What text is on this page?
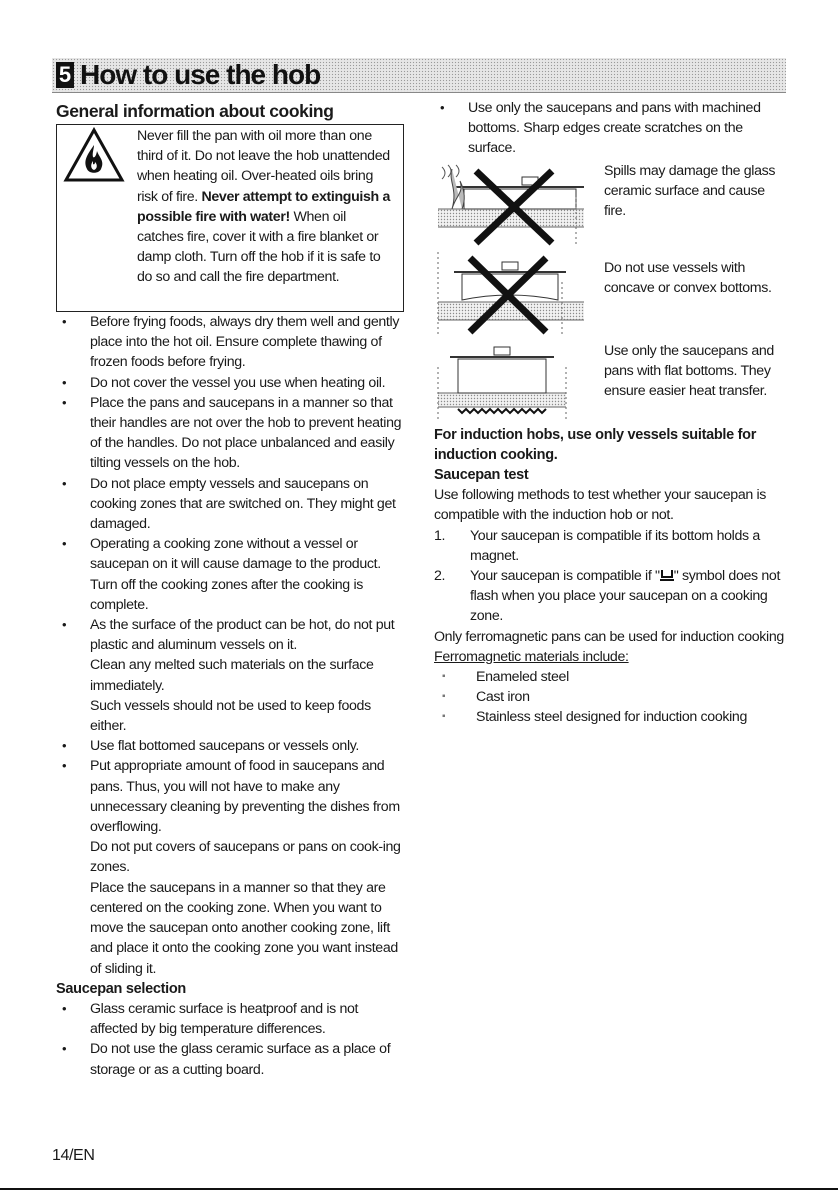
5 How to use the hob

General information about cooking

Never fill the pan with oil more than one third of it. Do not leave the hob unattended when heating oil. Over-heated oils bring risk of fire. Never attempt to extinguish a possible fire with water! When oil catches fire, cover it with a fire blanket or damp cloth. Turn off the hob if it is safe to do so and call the fire department.

• Before frying foods, always dry them well and gently place into the hot oil. Ensure complete thawing of frozen foods before frying.

• Do not cover the vessel you use when heating oil.

• Place the pans and saucepans in a manner so that their handles are not over the hob to prevent heating of the handles. Do not place unbalanced and easily tilting vessels on the hob.

• Do not place empty vessels and saucepans on cooking zones that are switched on. They might get damaged.

• Operating a cooking zone without a vessel or saucepan on it will cause damage to the product. Turn off the cooking zones after the cooking is complete.

• As the surface of the product can be hot, do not put plastic and aluminum vessels on it.

Clean any melted such materials on the surface immediately.

Such vessels should not be used to keep foods either.

• Use flat bottomed saucepans or vessels only.

• Put appropriate amount of food in saucepans and pans. Thus, you will not have to make any unnecessary cleaning by preventing the dishes from overflowing.

Do not put covers of saucepans or pans on cook-ing zones.

Place the saucepans in a manner so that they are centered on the cooking zone. When you want to move the saucepan onto another cooking zone, lift and place it onto the cooking zone you want instead of sliding it.

Saucepan selection

• Glass ceramic surface is heatproof and is not affected by big temperature differences.

• Do not use the glass ceramic surface as a place of storage or as a cutting board.

• Use only the saucepans and pans with machined bottoms. Sharp edges create scratches on the surface.

Spills may damage the glass ceramic surface and cause fire.

Do not use vessels with concave or convex bottoms.

Use only the saucepans and pans with flat bottoms. They ensure easier heat transfer.

For induction hobs, use only vessels suitable for induction cooking.

Saucepan test

Use following methods to test whether your saucepan is compatible with the induction hob or not.

1. Your saucepan is compatible if its bottom holds a magnet.

2. Your saucepan is compatible if " " symbol does not flash when you place your saucepan on a cooking zone.

Only ferromagnetic pans can be used for induction cooking

Ferromagnetic materials include:

▪ Enameled steel

▪ Cast iron

▪ Stainless steel designed for induction cooking

14/EN
